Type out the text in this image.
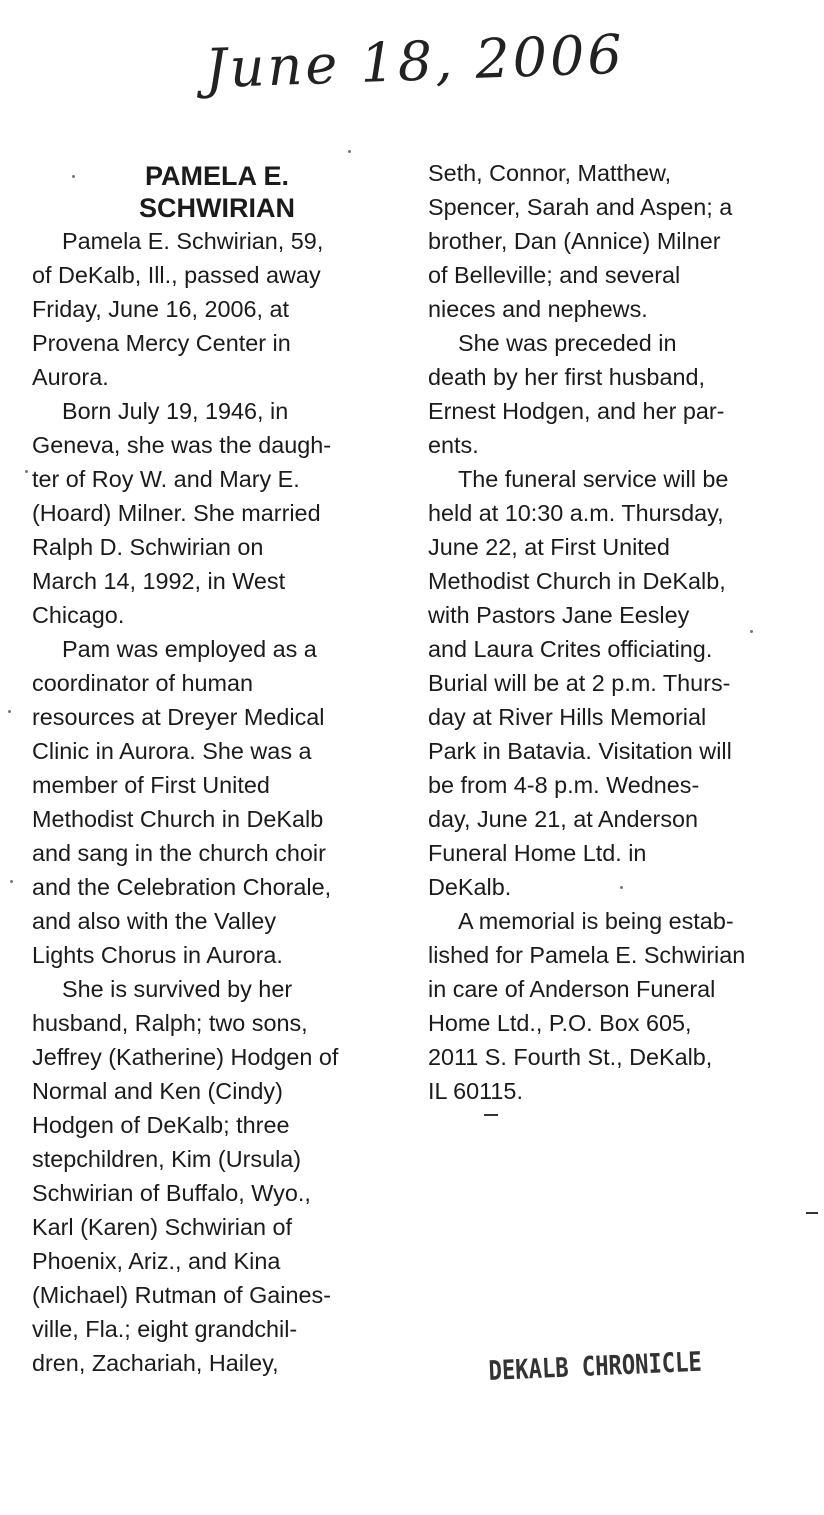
June 18, 2006
PAMELA E.
SCHWIRIAN
Pamela E. Schwirian, 59,
of DeKalb, Ill., passed away
Friday, June 16, 2006, at
Provena Mercy Center in
Aurora.
Born July 19, 1946, in
Geneva, she was the daugh-
ter of Roy W. and Mary E.
(Hoard) Milner. She married
Ralph D. Schwirian on
March 14, 1992, in West
Chicago.
Pam was employed as a
coordinator of human
resources at Dreyer Medical
Clinic in Aurora. She was a
member of First United
Methodist Church in DeKalb
and sang in the church choir
and the Celebration Chorale,
and also with the Valley
Lights Chorus in Aurora.
She is survived by her
husband, Ralph; two sons,
Jeffrey (Katherine) Hodgen of
Normal and Ken (Cindy)
Hodgen of DeKalb; three
stepchildren, Kim (Ursula)
Schwirian of Buffalo, Wyo.,
Karl (Karen) Schwirian of
Phoenix, Ariz., and Kina
(Michael) Rutman of Gaines-
ville, Fla.; eight grandchil-
dren, Zachariah, Hailey,
Seth, Connor, Matthew,
Spencer, Sarah and Aspen; a
brother, Dan (Annice) Milner
of Belleville; and several
nieces and nephews.
She was preceded in
death by her first husband,
Ernest Hodgen, and her par-
ents.
The funeral service will be
held at 10:30 a.m. Thursday,
June 22, at First United
Methodist Church in DeKalb,
with Pastors Jane Eesley
and Laura Crites officiating.
Burial will be at 2 p.m. Thurs-
day at River Hills Memorial
Park in Batavia. Visitation will
be from 4-8 p.m. Wednes-
day, June 21, at Anderson
Funeral Home Ltd. in
DeKalb.
A memorial is being estab-
lished for Pamela E. Schwirian
in care of Anderson Funeral
Home Ltd., P.O. Box 605,
2011 S. Fourth St., DeKalb,
IL 60115.
DEKALB CHRONICLE
